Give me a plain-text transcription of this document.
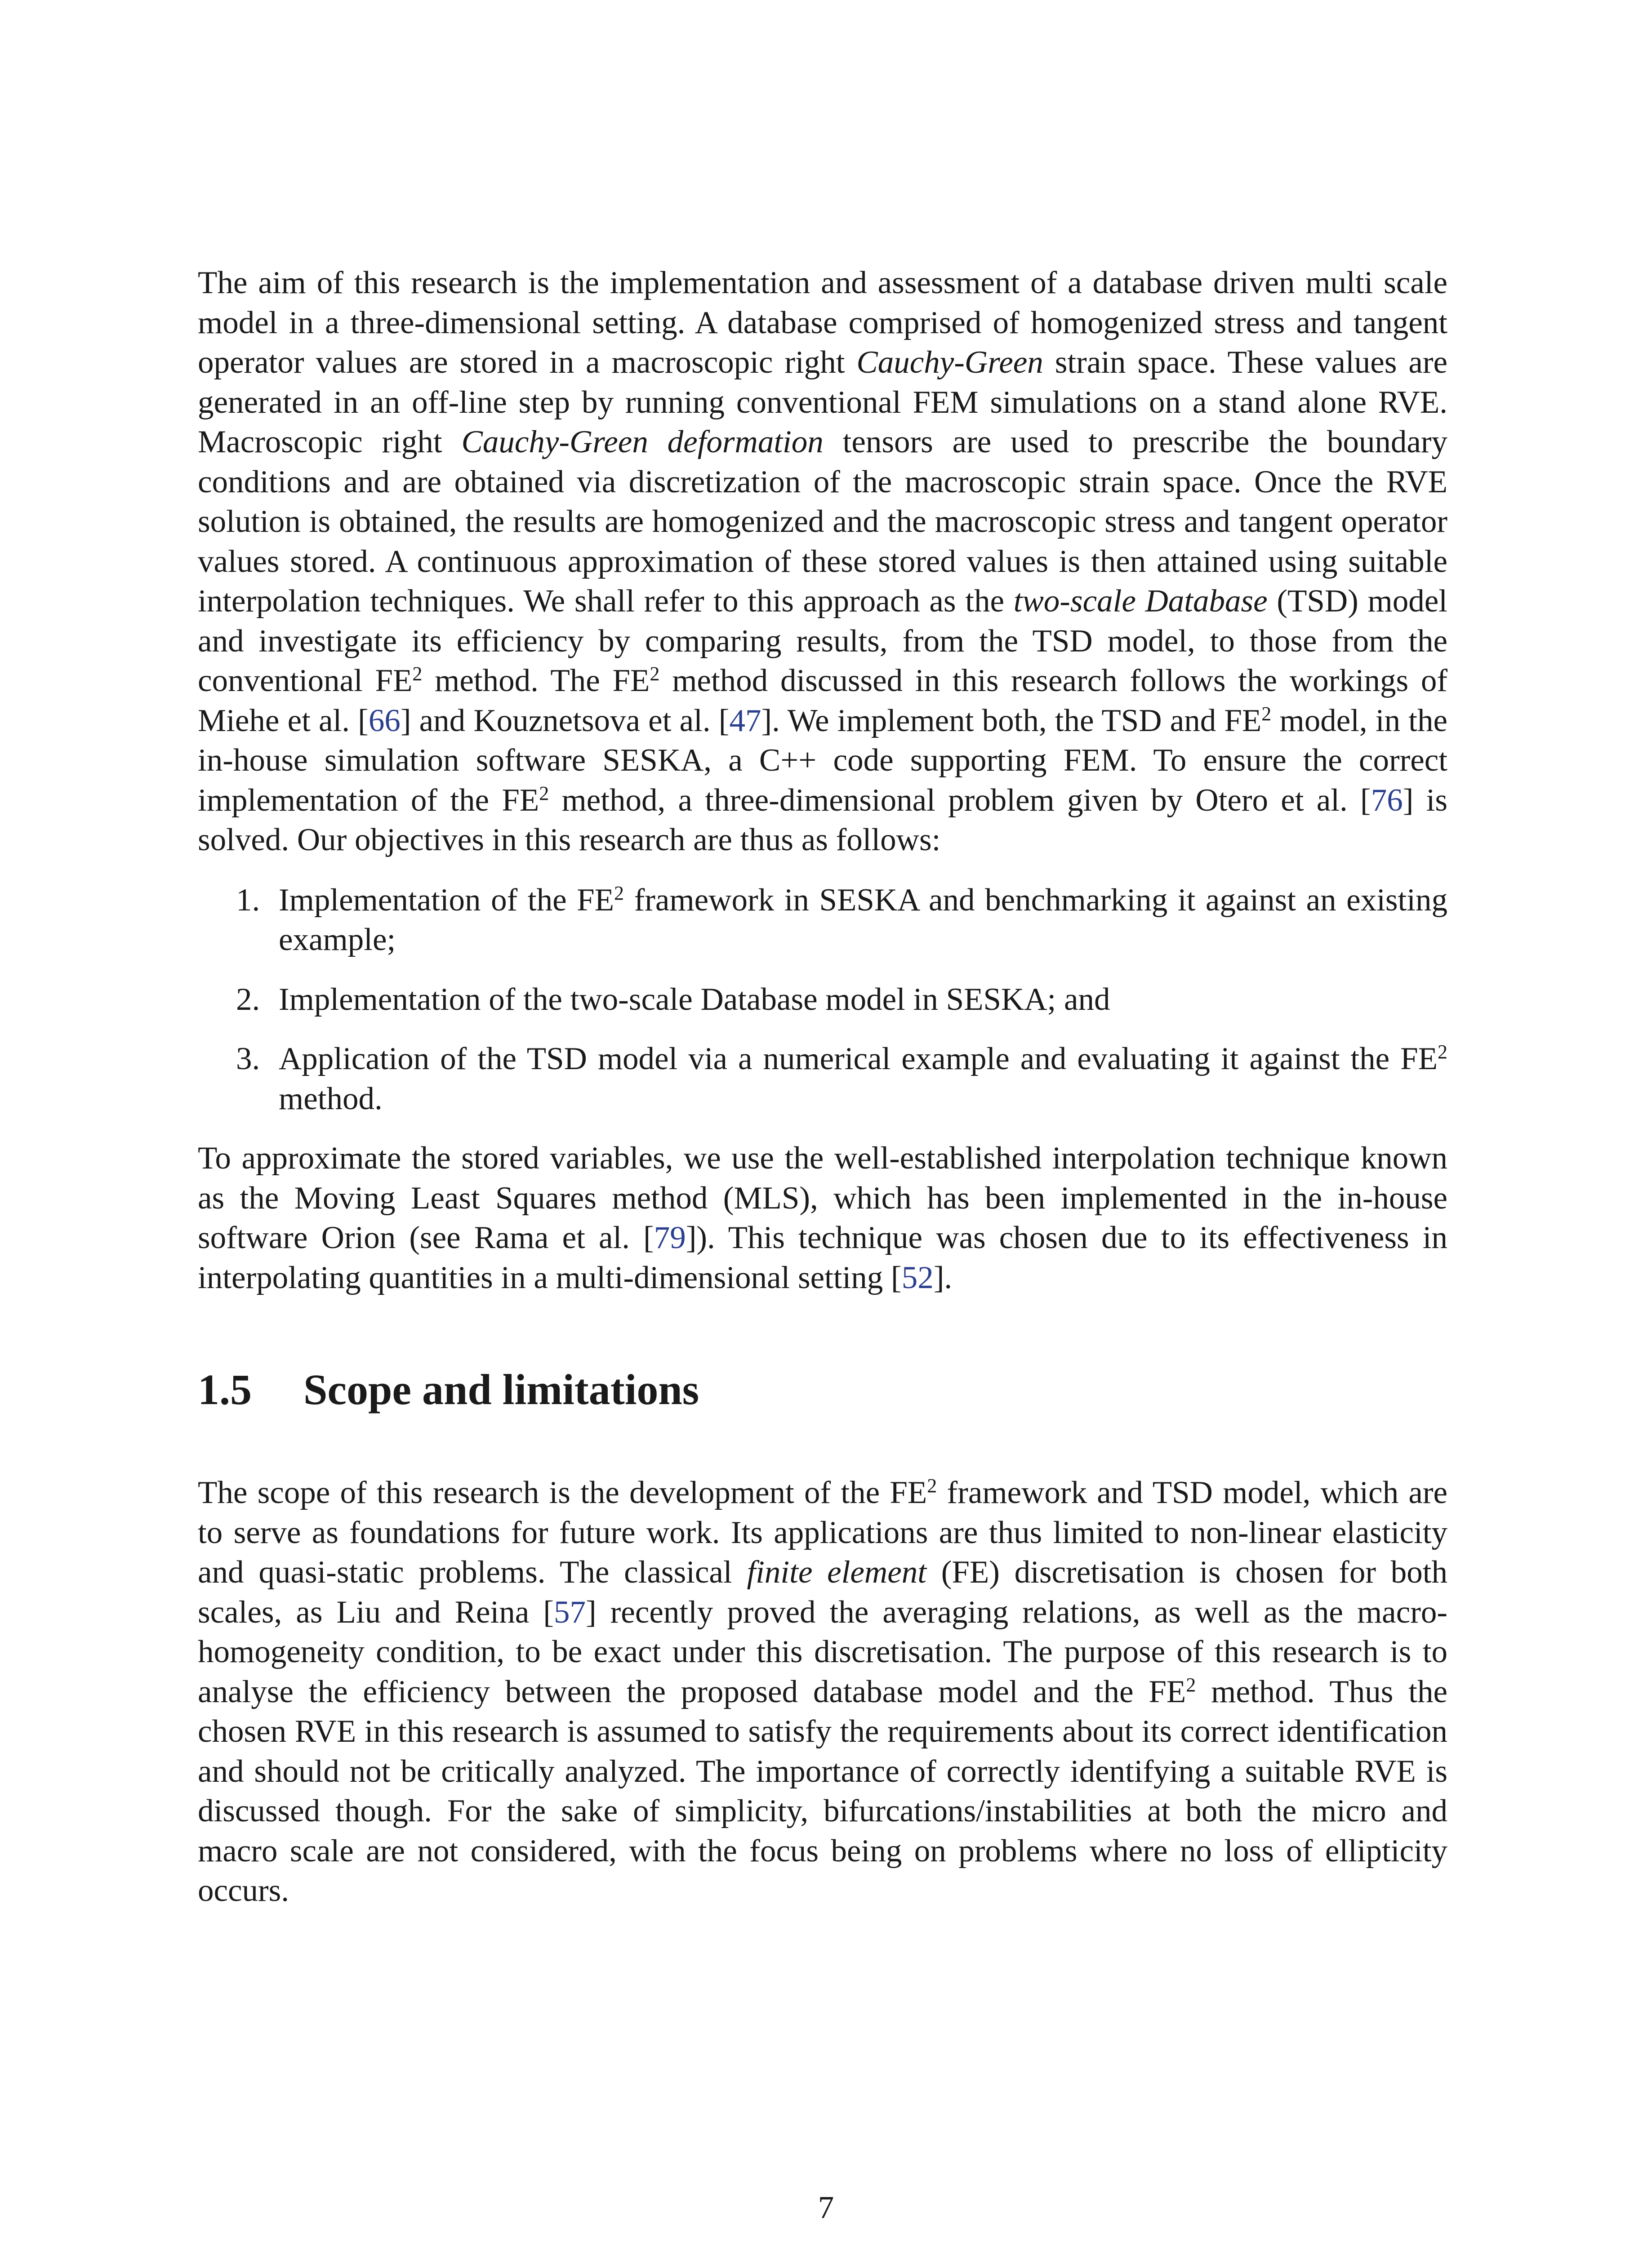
The aim of this research is the implementation and assessment of a database driven multi scale model in a three-dimensional setting. A database comprised of homogenized stress and tangent operator values are stored in a macroscopic right Cauchy-Green strain space. These values are generated in an off-line step by running conventional FEM simulations on a stand alone RVE. Macroscopic right Cauchy-Green deformation tensors are used to prescribe the boundary conditions and are obtained via discretization of the macroscopic strain space. Once the RVE solution is obtained, the results are homogenized and the macroscopic stress and tangent operator values stored. A continuous approximation of these stored values is then attained using suitable interpolation techniques. We shall refer to this approach as the two-scale Database (TSD) model and investigate its efficiency by comparing results, from the TSD model, to those from the conventional $FE^2$ method. The $FE^2$ method discussed in this research follows the workings of Miehe et al. [66] and Kouznetsova et al. [47]. We implement both, the TSD and $FE^2$ model, in the in-house simulation software SESKA, a C++ code supporting FEM. To ensure the correct implementation of the $FE^2$ method, a three-dimensional problem given by Otero et al. [76] is solved. Our objectives in this research are thus as follows:

1. Implementation of the $FE^2$ framework in SESKA and benchmarking it against an existing example;
2. Implementation of the two-scale Database model in SESKA; and
3. Application of the TSD model via a numerical example and evaluating it against the $FE^2$ method.

To approximate the stored variables, we use the well-established interpolation technique known as the Moving Least Squares method (MLS), which has been implemented in the in-house software Orion (see Rama et al. [79]). This technique was chosen due to its effectiveness in interpolating quantities in a multi-dimensional setting [52].

1.5 Scope and limitations

The scope of this research is the development of the $FE^2$ framework and TSD model, which are to serve as foundations for future work. Its applications are thus limited to non-linear elasticity and quasi-static problems. The classical finite element (FE) discretisation is chosen for both scales, as Liu and Reina [57] recently proved the averaging relations, as well as the macro-homogeneity condition, to be exact under this discretisation. The purpose of this research is to analyse the efficiency between the proposed database model and the $FE^2$ method. Thus the chosen RVE in this research is assumed to satisfy the requirements about its correct identification and should not be critically analyzed. The importance of correctly identifying a suitable RVE is discussed though. For the sake of simplicity, bifurcations/instabilities at both the micro and macro scale are not considered, with the focus being on problems where no loss of ellipticity occurs.

7
